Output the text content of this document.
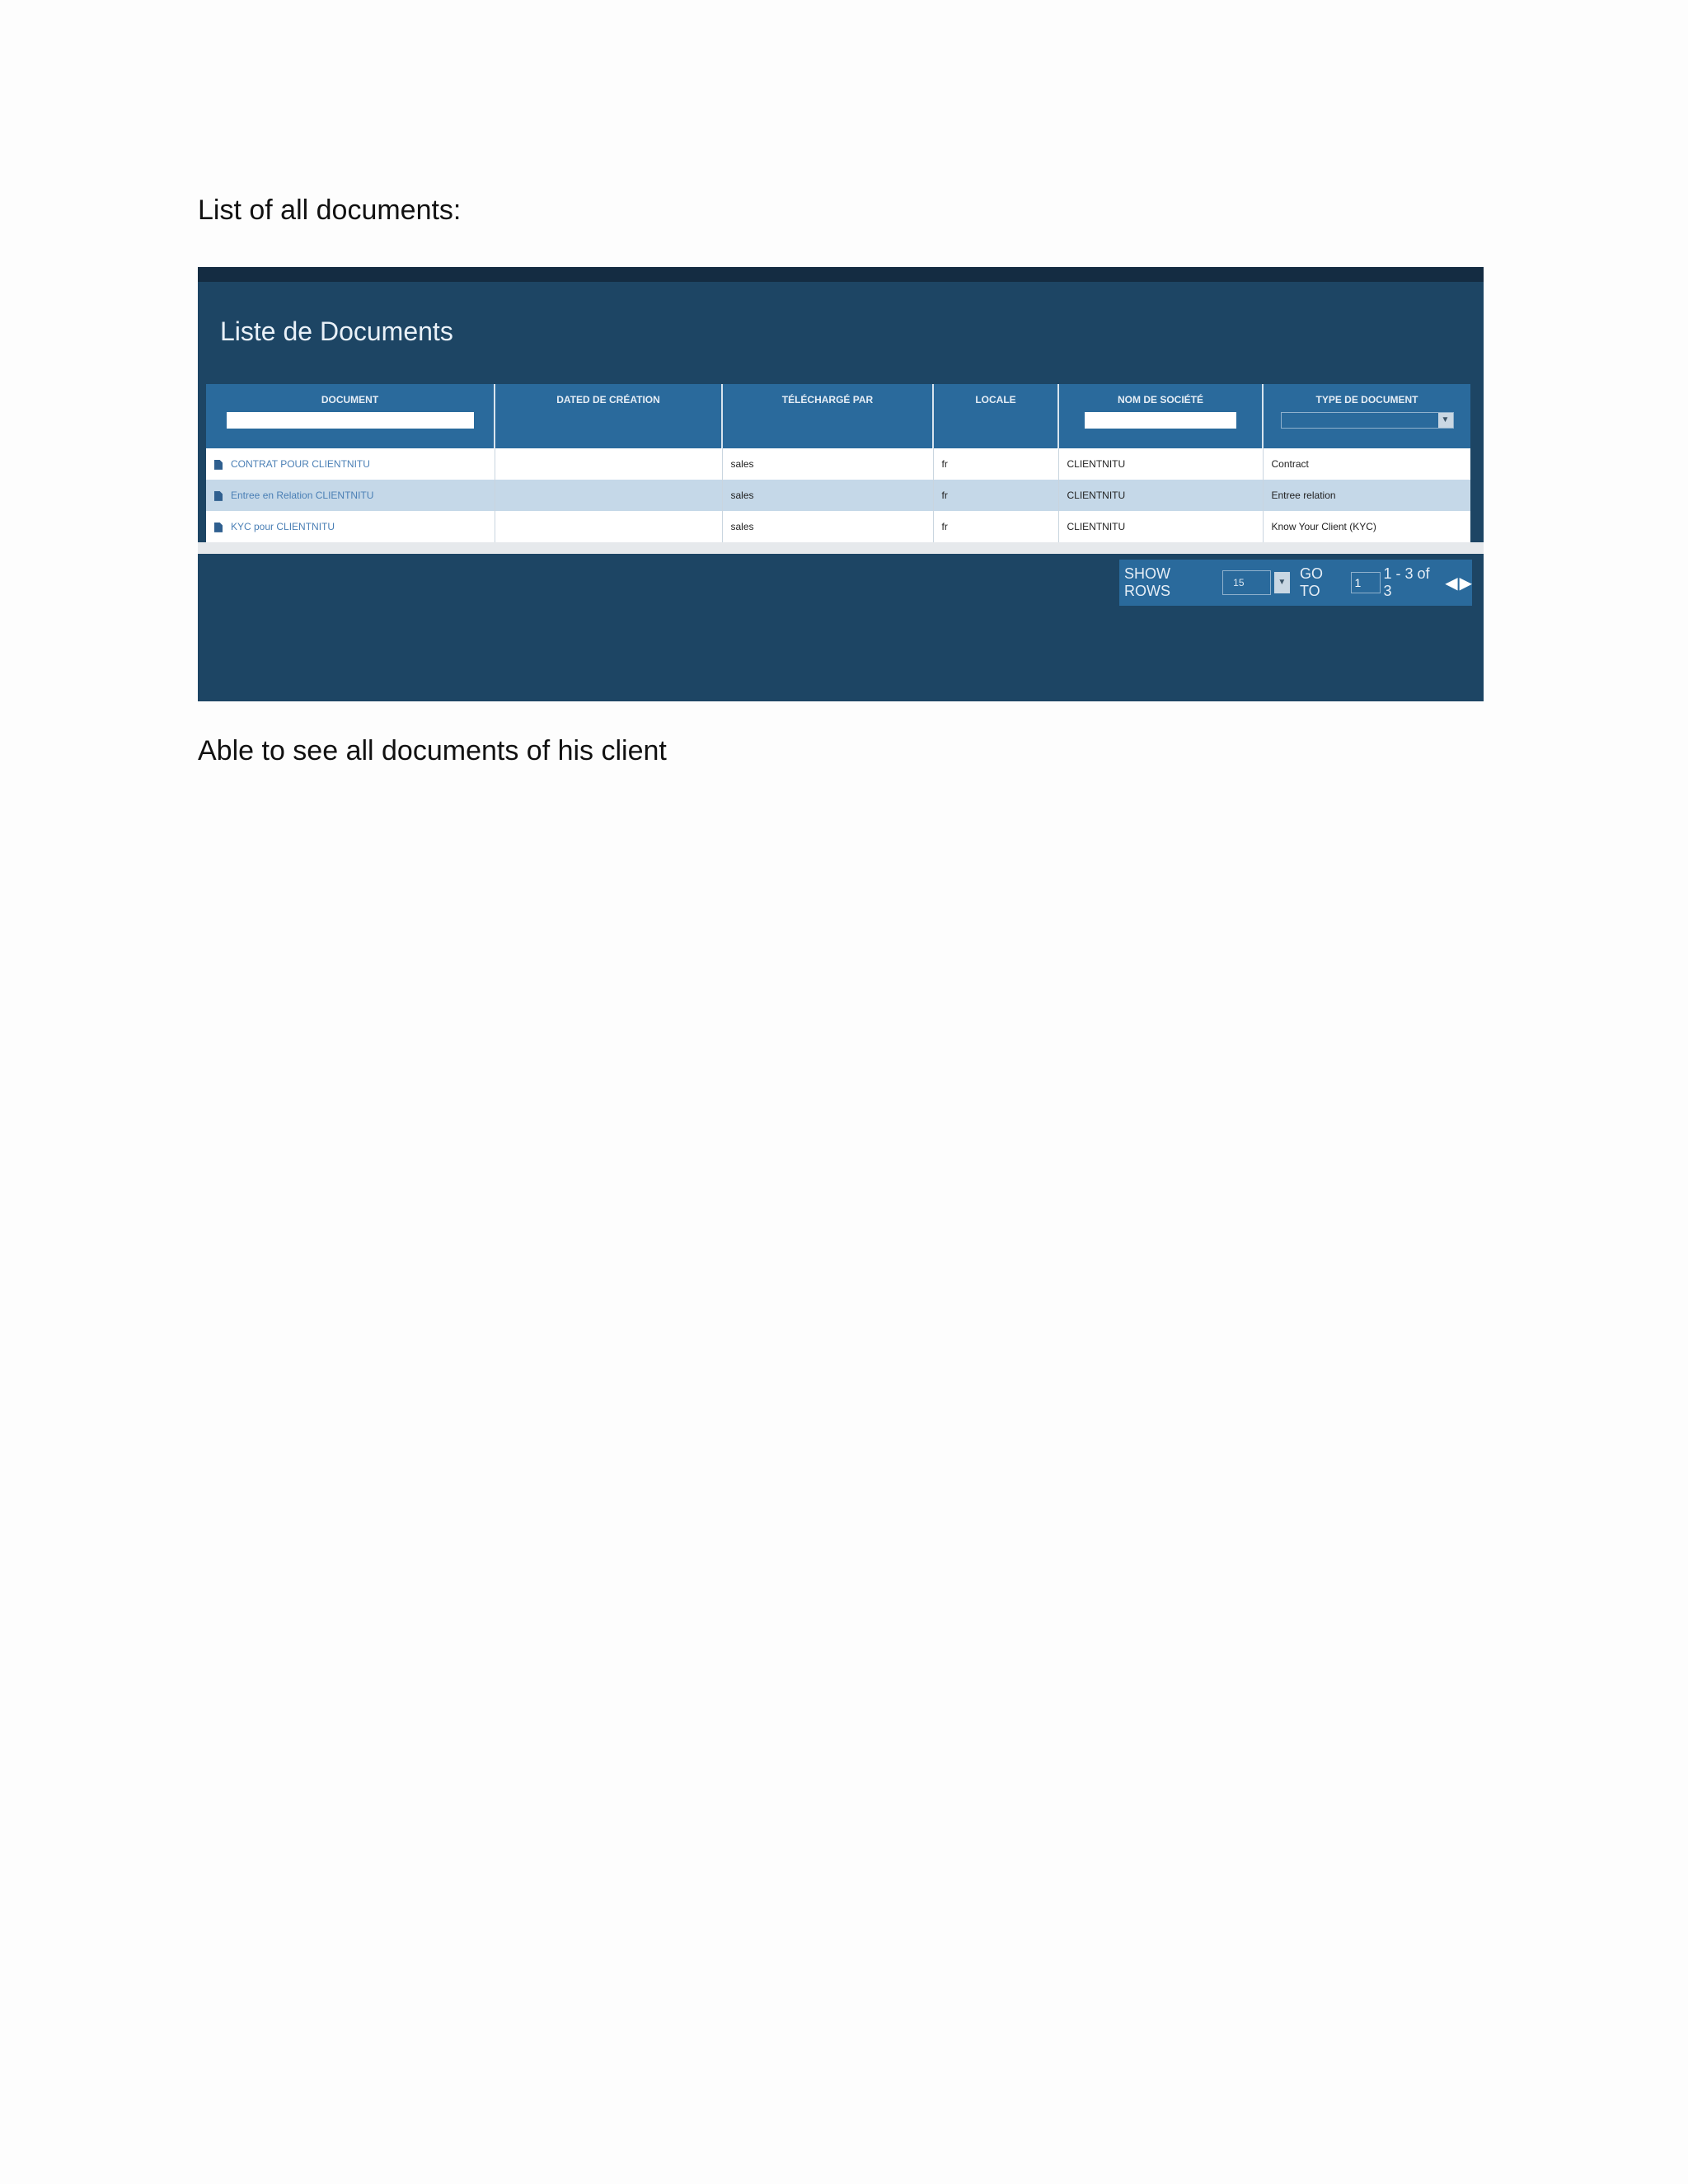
List of all documents:

Liste de Documents
DOCUMENT	DATED DE CRÉATION	TÉLÉCHARGÉ PAR	LOCALE	NOM DE SOCIÉTÉ	TYPE DE DOCUMENT
▼

CONTRAT POUR CLIENTNITU		sales	fr	CLIENTNITU	Contract
Entree en Relation CLIENTNITU		sales	fr	CLIENTNITU	Entree relation
KYC pour CLIENTNITU		sales	fr	CLIENTNITU	Know Your Client (KYC)
SHOW ROWS	15	▼
GO TO
1
1 - 3 of 3	◀ ▶

Able to see all documents of his client
